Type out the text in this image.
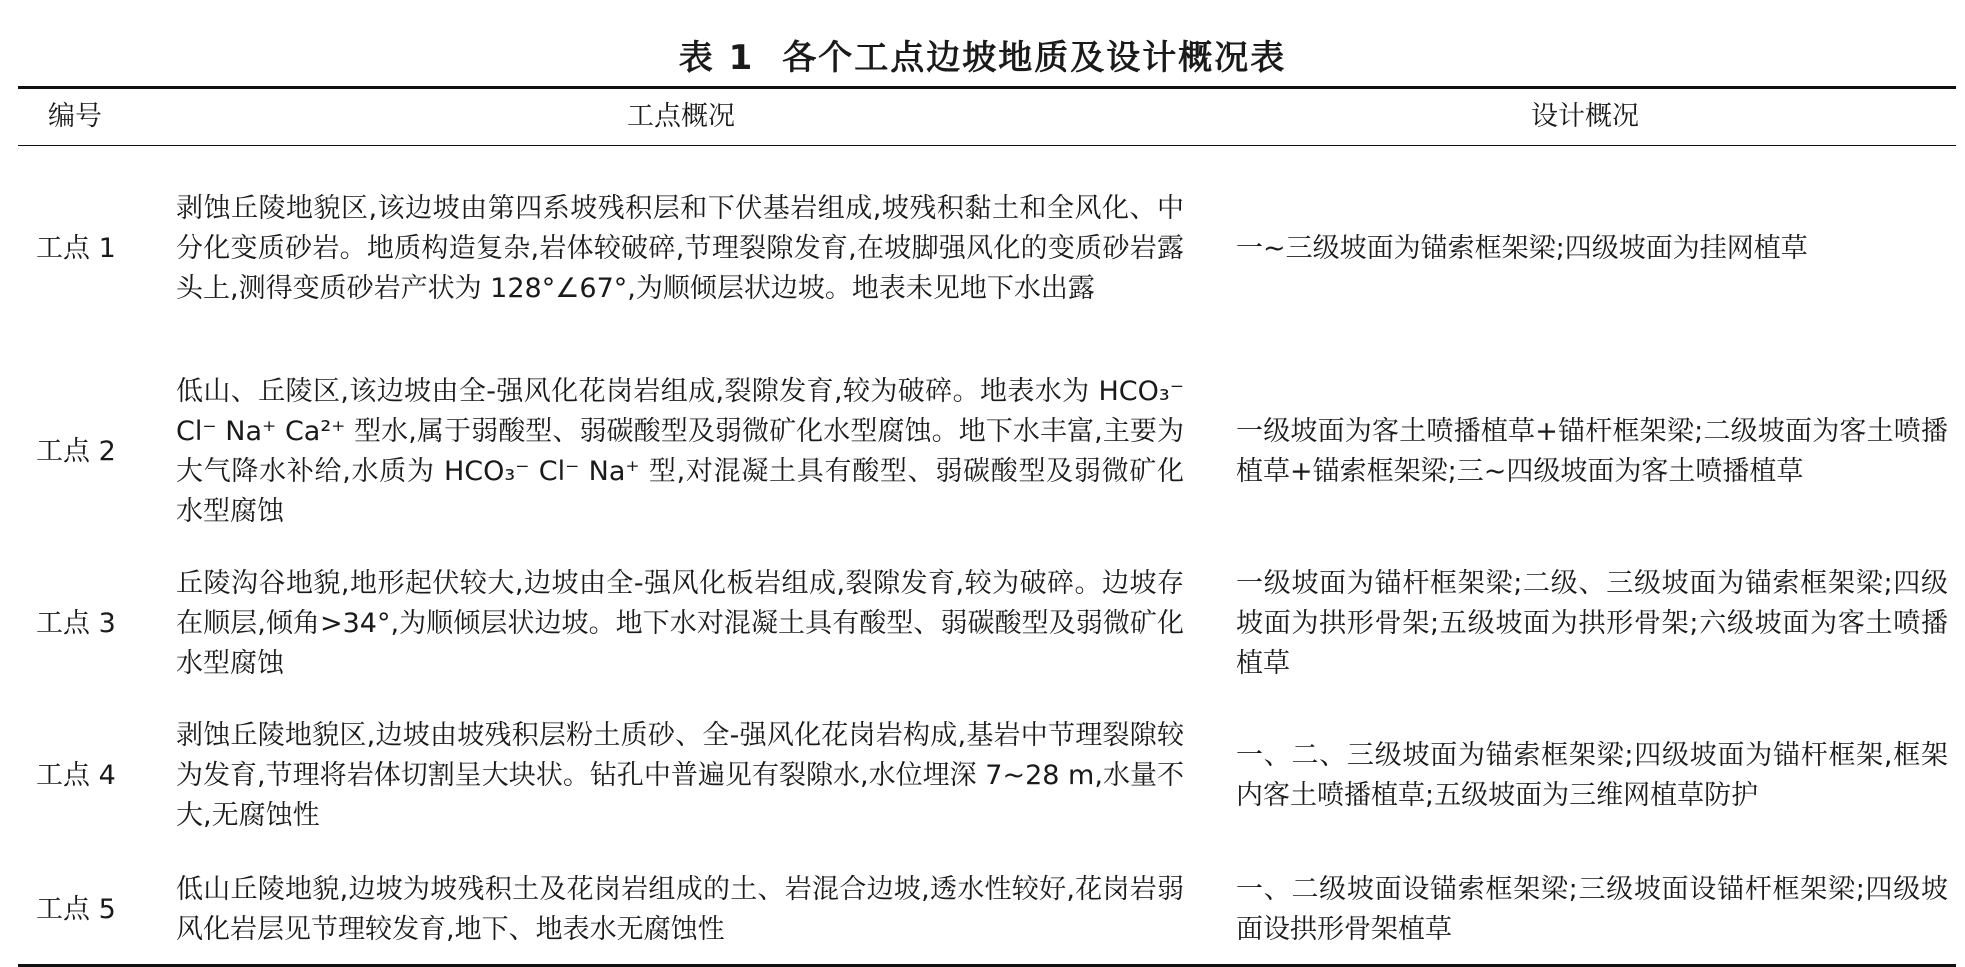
表 1 各个工点边坡地质及设计概况表
编号	工点概况	设计概况
工点 1	剥蚀丘陵地貌区,该边坡由第四系坡残积层和下伏基岩组成,坡残积黏土和全风化、中分化变质砂岩。地质构造复杂,岩体较破碎,节理裂隙发育,在坡脚强风化的变质砂岩露头上,测得变质砂岩产状为 128°∠67°,为顺倾层状边坡。地表未见地下水出露	一~三级坡面为锚索框架梁;四级坡面为挂网植草
工点 2	低山、丘陵区,该边坡由全-强风化花岗岩组成,裂隙发育,较为破碎。地表水为 HCO₃⁻ Cl⁻ Na⁺ Ca²⁺ 型水,属于弱酸型、弱碳酸型及弱微矿化水型腐蚀。地下水丰富,主要为大气降水补给,水质为 HCO₃⁻ Cl⁻ Na⁺ 型,对混凝土具有酸型、弱碳酸型及弱微矿化水型腐蚀	一级坡面为客土喷播植草+锚杆框架梁;二级坡面为客土喷播植草+锚索框架梁;三~四级坡面为客土喷播植草
工点 3	丘陵沟谷地貌,地形起伏较大,边坡由全-强风化板岩组成,裂隙发育,较为破碎。边坡存在顺层,倾角>34°,为顺倾层状边坡。地下水对混凝土具有酸型、弱碳酸型及弱微矿化水型腐蚀	一级坡面为锚杆框架梁;二级、三级坡面为锚索框架梁;四级坡面为拱形骨架;五级坡面为拱形骨架;六级坡面为客土喷播植草
工点 4	剥蚀丘陵地貌区,边坡由坡残积层粉土质砂、全-强风化花岗岩构成,基岩中节理裂隙较为发育,节理将岩体切割呈大块状。钻孔中普遍见有裂隙水,水位埋深 7~28 m,水量不大,无腐蚀性	一、二、三级坡面为锚索框架梁;四级坡面为锚杆框架,框架内客土喷播植草;五级坡面为三维网植草防护
工点 5	低山丘陵地貌,边坡为坡残积土及花岗岩组成的土、岩混合边坡,透水性较好,花岗岩弱风化岩层见节理较发育,地下、地表水无腐蚀性	一、二级坡面设锚索框架梁;三级坡面设锚杆框架梁;四级坡面设拱形骨架植草
